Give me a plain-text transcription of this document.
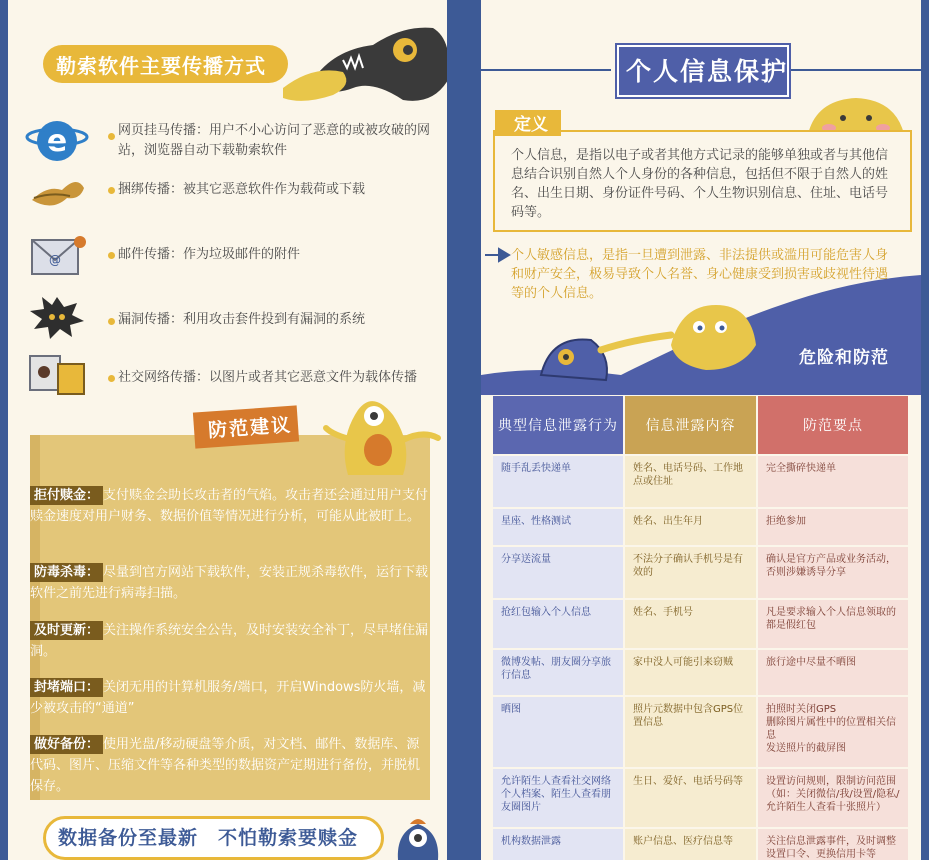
勒索软件主要传播方式
e	网页挂马传播：用户不小心访问了恶意的或被攻破的网站，浏览器自动下载勒索软件
捆绑传播：被其它恶意软件作为载荷或下载
@	邮件传播：作为垃圾邮件的附件
漏洞传播：利用攻击套件投到有漏洞的系统
社交网络传播：以图片或者其它恶意文件为载体传播
防范建议
拒付赎金： 支付赎金会助长攻击者的气焰。攻击者还会通过用户支付赎金速度对用户财务、数据价值等情况进行分析，可能从此被盯上。
防毒杀毒： 尽量到官方网站下载软件，安装正规杀毒软件，运行下载软件之前先进行病毒扫描。
及时更新： 关注操作系统安全公告，及时安装安全补丁，尽早堵住漏洞。
封堵端口： 关闭无用的计算机服务/端口，开启Windows防火墙，减少被攻击的“通道”
做好备份： 使用光盘/移动硬盘等介质，对文档、邮件、数据库、源代码、图片、压缩文件等各种类型的数据资产定期进行备份，并脱机保存。
数据备份至最新　不怕勒索要赎金
个人信息保护
定义
个人信息，是指以电子或者其他方式记录的能够单独或者与其他信息结合识别自然人个人身份的各种信息，包括但不限于自然人的姓名、出生日期、身份证件号码、个人生物识别信息、住址、电话号码等。
个人敏感信息，是指一旦遭到泄露、非法提供或滥用可能危害人身和财产安全，极易导致个人名誉、身心健康受到损害或歧视性待遇等的个人信息。
危险和防范
典型信息泄露行为	信息泄露内容	防范要点
随手乱丢快递单	姓名、电话号码、工作地点或住址	完全撕碎快递单
星座、性格测试	姓名、出生年月	拒绝参加
分享送流量	不法分子确认手机号是有效的	确认是官方产品或业务活动，否则涉嫌诱导分享
抢红包输入个人信息	姓名、手机号	凡是要求输入个人信息领取的都是假红包
微博发帖、朋友圈分享旅行信息	家中没人可能引来窃贼	旅行途中尽量不晒图
晒图	照片元数据中包含GPS位置信息	拍照时关闭GPS
删除图片属性中的位置相关信息
发送照片的截屏图
允许陌生人查看社交网络个人档案、陌生人查看朋友圈图片	生日、爱好、电话号码等	设置访问规则，限制访问范围（如：关闭微信/我/设置/隐私/允许陌生人查看十张照片）
机构数据泄露	账户信息、医疗信息等	关注信息泄露事件，及时调整设置口令、更换信用卡等
